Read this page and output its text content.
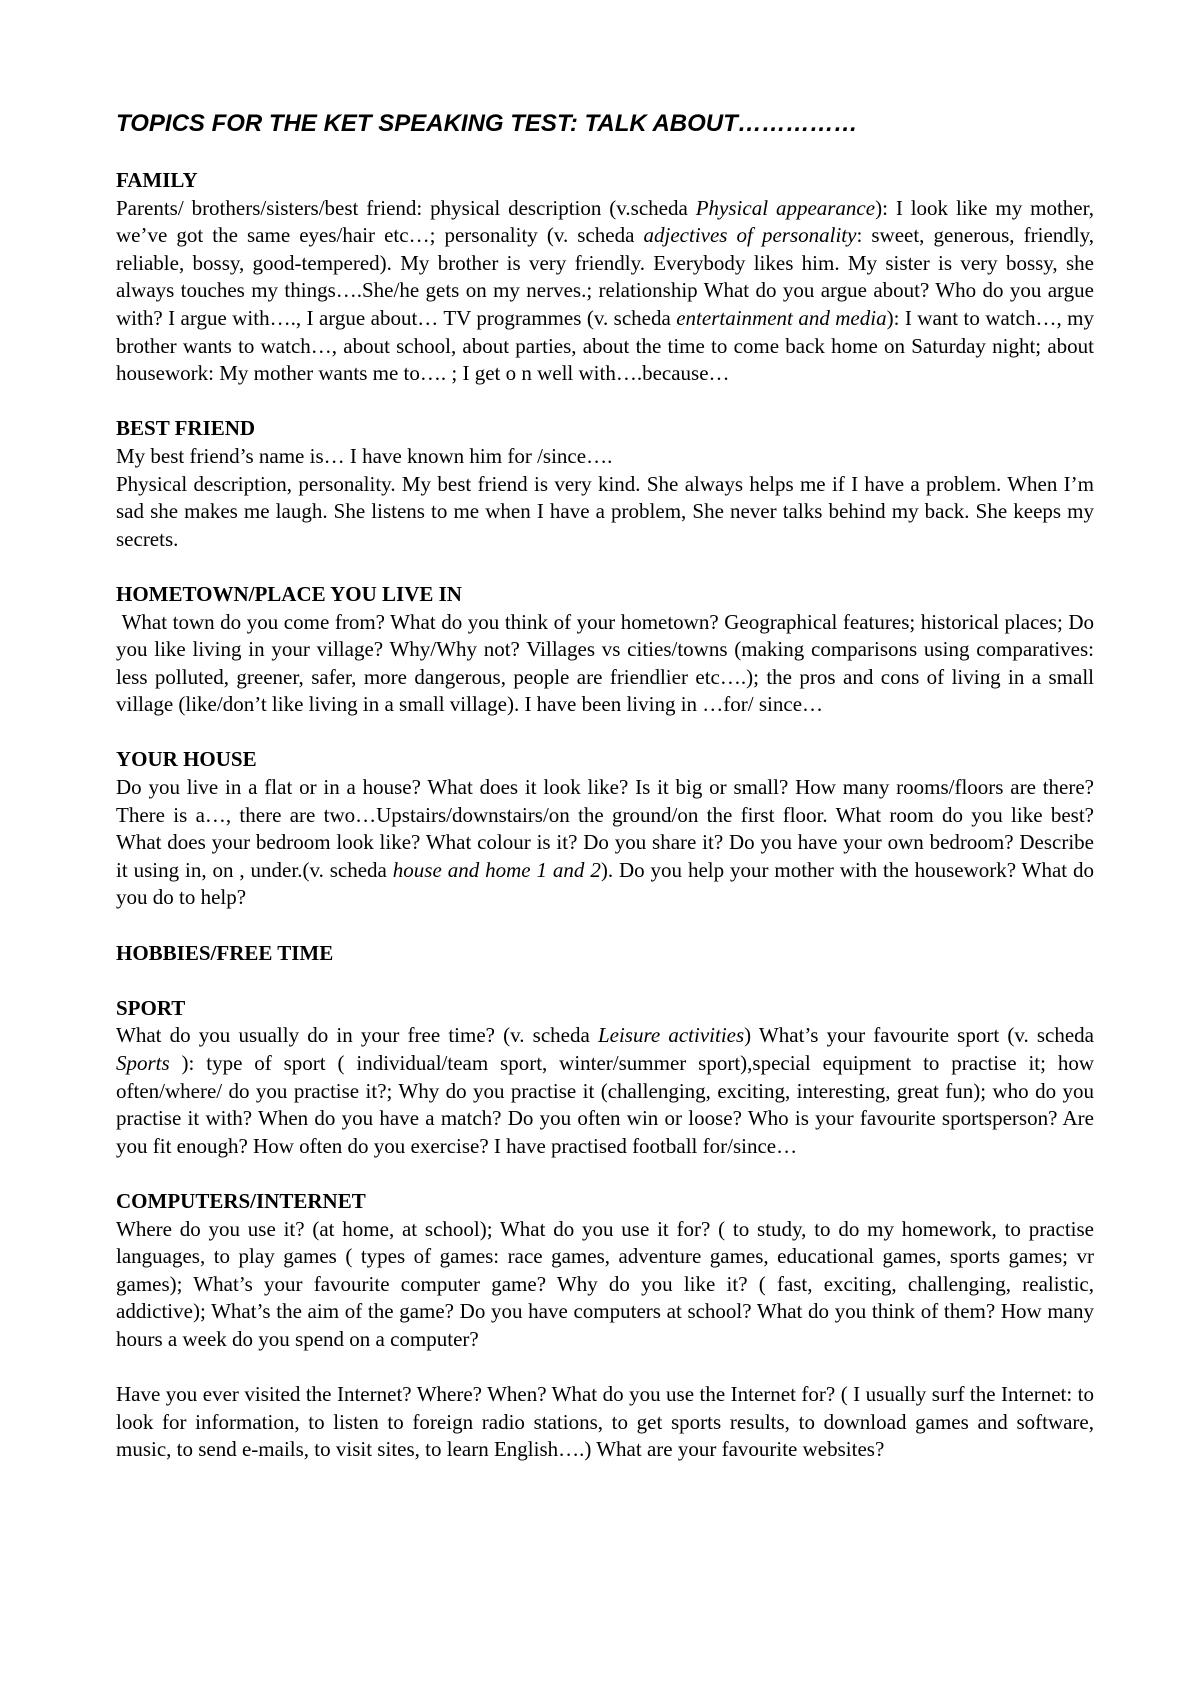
TOPICS FOR THE KET SPEAKING TEST: TALK ABOUT……………
FAMILY

Parents/ brothers/sisters/best friend: physical description (v.scheda Physical appearance): I look like my mother, we’ve got the same eyes/hair etc…; personality (v. scheda adjectives of personality: sweet, generous, friendly, reliable, bossy, good-tempered). My brother is very friendly. Everybody likes him. My sister is very bossy, she always touches my things….She/he gets on my nerves.; relationship What do you argue about? Who do you argue with? I argue with…., I argue about… TV programmes (v. scheda entertainment and media): I want to watch…, my brother wants to watch…, about school, about parties, about the time to come back home on Saturday night; about housework: My mother wants me to…. ; I get o n well with….because…

BEST FRIEND

My best friend’s name is… I have known him for /since….

Physical description, personality. My best friend is very kind. She always helps me if I have a problem. When I’m sad she makes me laugh. She listens to me when I have a problem, She never talks behind my back. She keeps my secrets.

HOMETOWN/PLACE YOU LIVE IN

What town do you come from? What do you think of your hometown? Geographical features; historical places; Do you like living in your village? Why/Why not? Villages vs cities/towns (making comparisons using comparatives: less polluted, greener, safer, more dangerous, people are friendlier etc….); the pros and cons of living in a small village (like/don’t like living in a small village). I have been living in …for/ since…

YOUR HOUSE

Do you live in a flat or in a house? What does it look like? Is it big or small? How many rooms/floors are there? There is a…, there are two…Upstairs/downstairs/on the ground/on the first floor. What room do you like best? What does your bedroom look like? What colour is it? Do you share it? Do you have your own bedroom? Describe it using in, on , under.(v. scheda house and home 1 and 2). Do you help your mother with the housework? What do you do to help?

HOBBIES/FREE TIME
SPORT

What do you usually do in your free time? (v. scheda Leisure activities) What’s your favourite sport (v. scheda Sports ): type of sport ( individual/team sport, winter/summer sport),special equipment to practise it; how often/where/ do you practise it?; Why do you practise it (challenging, exciting, interesting, great fun); who do you practise it with? When do you have a match? Do you often win or loose? Who is your favourite sportsperson? Are you fit enough? How often do you exercise? I have practised football for/since…

COMPUTERS/INTERNET

Where do you use it? (at home, at school); What do you use it for? ( to study, to do my homework, to practise languages, to play games ( types of games: race games, adventure games, educational games, sports games; vr games); What’s your favourite computer game? Why do you like it? ( fast, exciting, challenging, realistic, addictive); What’s the aim of the game? Do you have computers at school? What do you think of them? How many hours a week do you spend on a computer?

Have you ever visited the Internet? Where? When? What do you use the Internet for? ( I usually surf the Internet: to look for information, to listen to foreign radio stations, to get sports results, to download games and software, music, to send e-mails, to visit sites, to learn English….) What are your favourite websites?
